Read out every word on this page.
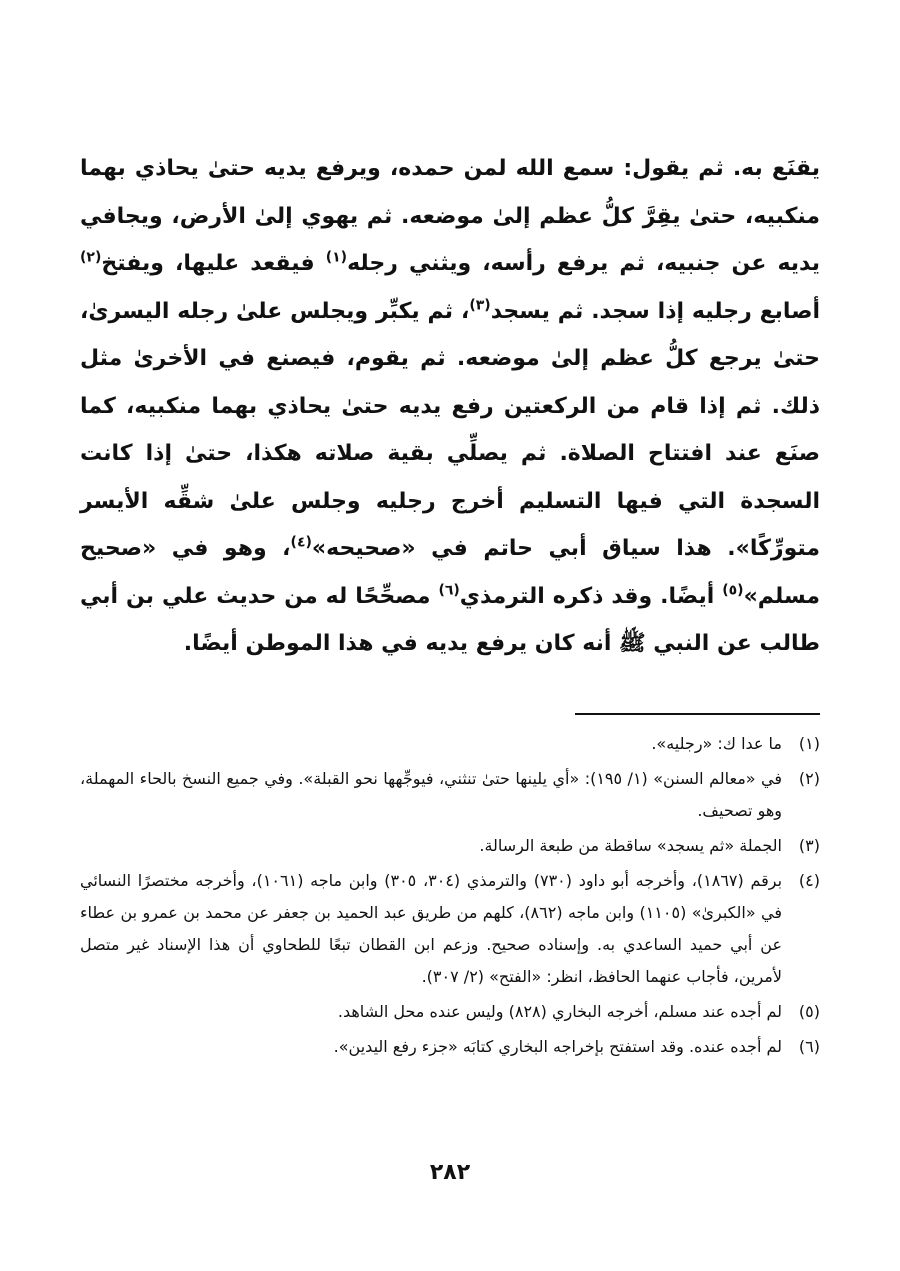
يقنَع به. ثم يقول: سمع الله لمن حمده، ويرفع يديه حتىٰ يحاذي بهما منكبيه، حتىٰ يقِرَّ كلُّ عظم إلىٰ موضعه. ثم يهوي إلىٰ الأرض، ويجافي يديه عن جنبيه، ثم يرفع رأسه، ويثني رجله$^{(١)}$ فيقعد عليها، ويفتخ$^{(٢)}$ أصابع رجليه إذا سجد. ثم يسجد$^{(٣)}$، ثم يكبِّر ويجلس علىٰ رجله اليسرىٰ، حتىٰ يرجع كلُّ عظم إلىٰ موضعه. ثم يقوم، فيصنع في الأخرىٰ مثل ذلك. ثم إذا قام من الركعتين رفع يديه حتىٰ يحاذي بهما منكبيه، كما صنَع عند افتتاح الصلاة. ثم يصلِّي بقية صلاته هكذا، حتىٰ إذا كانت السجدة التي فيها التسليم أخرج رجليه وجلس علىٰ شقِّه الأيسر متورِّكًا». هذا سياق أبي حاتم في «صحيحه»$^{(٤)}$، وهو في «صحيح مسلم»$^{(٥)}$ أيضًا. وقد ذكره الترمذي$^{(٦)}$ مصحِّحًا له من حديث علي بن أبي طالب عن النبي ﷺ أنه كان يرفع يديه في هذا الموطن أيضًا.

(١)
ما عدا ك: «رجليه».
(٢)
في «معالم السنن» (١/ ١٩٥): «أي يلينها حتىٰ تنثني، فيوجِّهها نحو القبلة». وفي جميع النسخ بالحاء المهملة، وهو تصحيف.
(٣)
الجملة «ثم يسجد» ساقطة من طبعة الرسالة.
(٤)
برقم (١٨٦٧)، وأخرجه أبو داود (٧٣٠) والترمذي (٣٠٤، ٣٠٥) وابن ماجه (١٠٦١)، وأخرجه مختصرًا النسائي في «الكبرىٰ» (١١٠٥) وابن ماجه (٨٦٢)، كلهم من طريق عبد الحميد بن جعفر عن محمد بن عمرو بن عطاء عن أبي حميد الساعدي به. وإسناده صحيح. وزعم ابن القطان تبعًا للطحاوي أن هذا الإسناد غير متصل لأمرين، فأجاب عنهما الحافظ، انظر: «الفتح» (٢/ ٣٠٧).
(٥)
لم أجده عند مسلم، أخرجه البخاري (٨٢٨) وليس عنده محل الشاهد.
(٦)
لم أجده عنده. وقد استفتح بإخراجه البخاري كتابَه «جزء رفع اليدين».
٢٨٢
